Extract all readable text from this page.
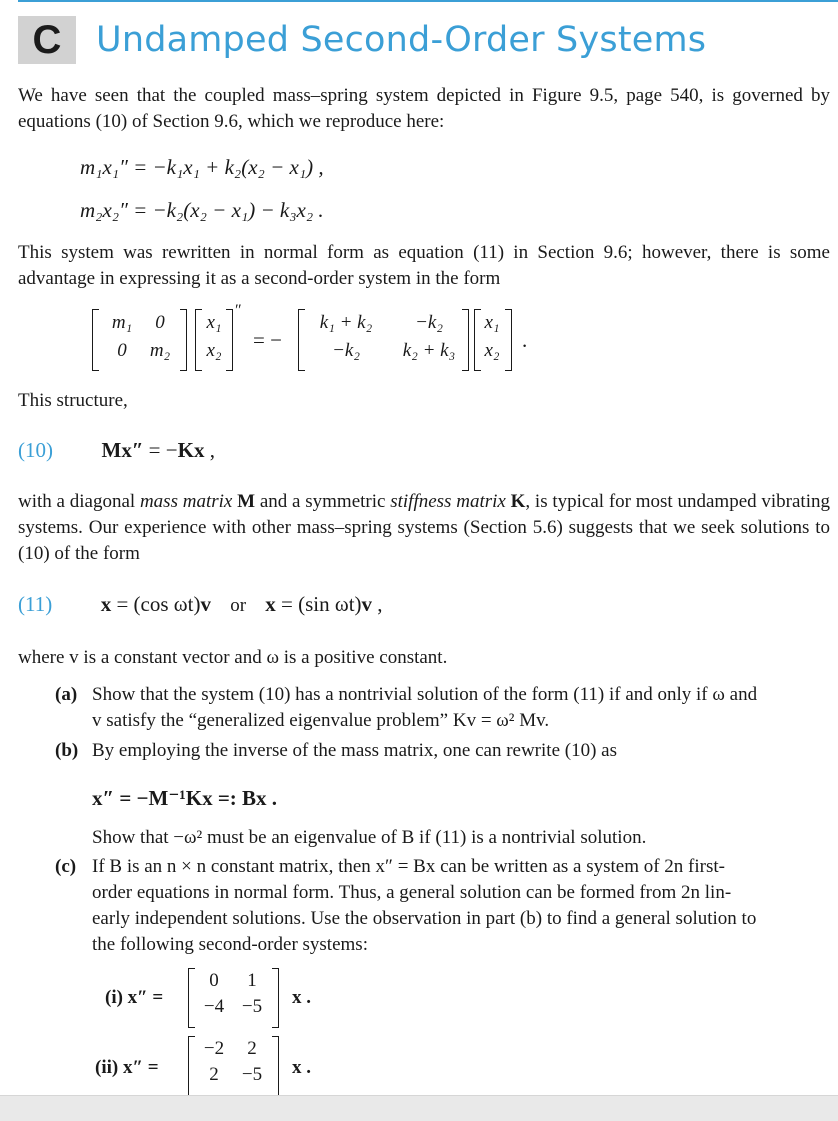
C Undamped Second-Order Systems
We have seen that the coupled mass–spring system depicted in Figure 9.5, page 540, is governed by equations (10) of Section 9.6, which we reproduce here:
m₁x₁″ = −k₁x₁ + k₂(x₂ − x₁) ,
m₂x₂″ = −k₂(x₂ − x₁) − k₃x₂ .
This system was rewritten in normal form as equation (11) in Section 9.6; however, there is some advantage in expressing it as a second-order system in the form
m₁	0
0	m₂
x₁
x₂
″
= −
k₁ + k₂	−k₂
−k₂	k₂ + k₃
x₁
x₂ .
This structure,
(10) Mx″ = −Kx ,
with a diagonal mass matrix M and a symmetric stiffness matrix K, is typical for most undamped vibrating systems. Our experience with other mass–spring systems (Section 5.6) suggests that we seek solutions to (10) of the form
(11) x = (cos ωt)v or x = (sin ωt)v ,
where v is a constant vector and ω is a positive constant.
(a) Show that the system (10) has a nontrivial solution of the form (11) if and only if ω and
v satisfy the “generalized eigenvalue problem” Kv = ω² Mv.
(b) By employing the inverse of the mass matrix, one can rewrite (10) as
x″ = −M⁻¹Kx =: Bx .
Show that −ω² must be an eigenvalue of B if (11) is a nontrivial solution.
(c) If B is an n × n constant matrix, then x″ = Bx can be written as a system of 2n first-
order equations in normal form. Thus, a general solution can be formed from 2n lin-
early independent solutions. Use the observation in part (b) to find a general solution to
the following second-order systems:
(i) x″ =
0	1
−4 −5	x .
(ii) x″ =
−2	2
2	−5	x .
